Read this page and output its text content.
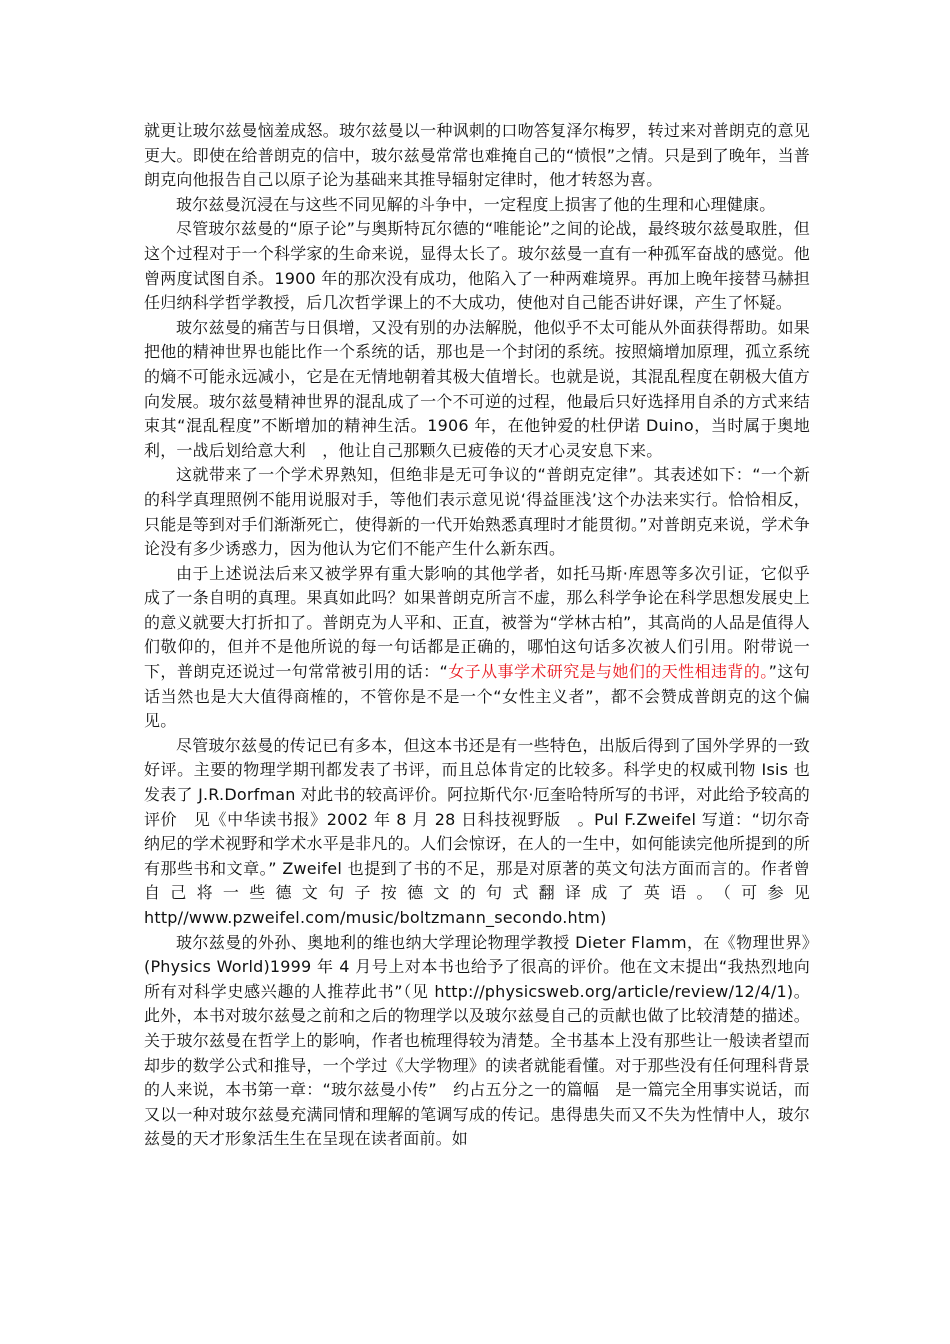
就更让玻尔兹曼恼羞成怒。玻尔兹曼以一种讽刺的口吻答复泽尔梅罗，转过来对普朗克的意见更大。即使在给普朗克的信中，玻尔兹曼常常也难掩自己的“愤恨”之情。只是到了晚年，当普朗克向他报告自己以原子论为基础来其推导辐射定律时，他才转怒为喜。

玻尔兹曼沉浸在与这些不同见解的斗争中，一定程度上损害了他的生理和心理健康。

尽管玻尔兹曼的“原子论”与奥斯特瓦尔德的“唯能论”之间的论战，最终玻尔兹曼取胜，但这个过程对于一个科学家的生命来说，显得太长了。玻尔兹曼一直有一种孤军奋战的感觉。他曾两度试图自杀。1900 年的那次没有成功，他陷入了一种两难境界。再加上晚年接替马赫担任归纳科学哲学教授，后几次哲学课上的不大成功，使他对自己能否讲好课，产生了怀疑。

玻尔兹曼的痛苦与日俱增，又没有别的办法解脱，他似乎不太可能从外面获得帮助。如果把他的精神世界也能比作一个系统的话，那也是一个封闭的系统。按照熵增加原理，孤立系统的熵不可能永远减小，它是在无情地朝着其极大值增长。也就是说，其混乱程度在朝极大值方向发展。玻尔兹曼精神世界的混乱成了一个不可逆的过程，他最后只好选择用自杀的方式来结束其“混乱程度”不断增加的精神生活。1906 年，在他钟爱的杜伊诺 Duino，当时属于奥地利，一战后划给意大利　，他让自己那颗久已疲倦的天才心灵安息下来。

这就带来了一个学术界熟知，但绝非是无可争议的“普朗克定律”。其表述如下：“一个新的科学真理照例不能用说服对手，等他们表示意见说‘得益匪浅’这个办法来实行。恰恰相反，只能是等到对手们渐渐死亡，使得新的一代开始熟悉真理时才能贯彻。”对普朗克来说，学术争论没有多少诱惑力，因为他认为它们不能产生什么新东西。

由于上述说法后来又被学界有重大影响的其他学者，如托马斯·库恩等多次引证，它似乎成了一条自明的真理。果真如此吗？如果普朗克所言不虚，那么科学争论在科学思想发展史上的意义就要大打折扣了。普朗克为人平和、正直，被誉为“学林古柏”，其高尚的人品是值得人们敬仰的，但并不是他所说的每一句话都是正确的，哪怕这句话多次被人们引用。附带说一下，普朗克还说过一句常常被引用的话：“女子从事学术研究是与她们的天性相违背的。”这句话当然也是大大值得商榷的，不管你是不是一个“女性主义者”，都不会赞成普朗克的这个偏见。

尽管玻尔兹曼的传记已有多本，但这本书还是有一些特色，出版后得到了国外学界的一致好评。主要的物理学期刊都发表了书评，而且总体肯定的比较多。科学史的权威刊物 Isis 也发表了 J.R.Dorfman 对此书的较高评价。阿拉斯代尔·厄奎哈特所写的书评，对此给予较高的评价　见《中华读书报》2002 年 8 月 28 日科技视野版　。Pul F.Zweifel 写道：“切尔奇纳尼的学术视野和学术水平是非凡的。人们会惊讶，在人的一生中，如何能读完他所提到的所有那些书和文章。” Zweifel 也提到了书的不足，那是对原著的英文句法方面而言的。作者曾自己将一些德文句子按德文的句式翻译成了英语。（可参见 http//www.pzweifel.com/music/boltzmann_secondo.htm)

玻尔兹曼的外孙、奥地利的维也纳大学理论物理学教授 Dieter Flamm，在《物理世界》(Physics World)1999 年 4 月号上对本书也给予了很高的评价。他在文末提出“我热烈地向所有对科学史感兴趣的人推荐此书”（见 http://physicsweb.org/article/review/12/4/1)。此外，本书对玻尔兹曼之前和之后的物理学以及玻尔兹曼自己的贡献也做了比较清楚的描述。关于玻尔兹曼在哲学上的影响，作者也梳理得较为清楚。全书基本上没有那些让一般读者望而却步的数学公式和推导，一个学过《大学物理》的读者就能看懂。对于那些没有任何理科背景的人来说，本书第一章：“玻尔兹曼小传”　约占五分之一的篇幅　是一篇完全用事实说话，而又以一种对玻尔兹曼充满同情和理解的笔调写成的传记。患得患失而又不失为性情中人，玻尔兹曼的天才形象活生生在呈现在读者面前。如
